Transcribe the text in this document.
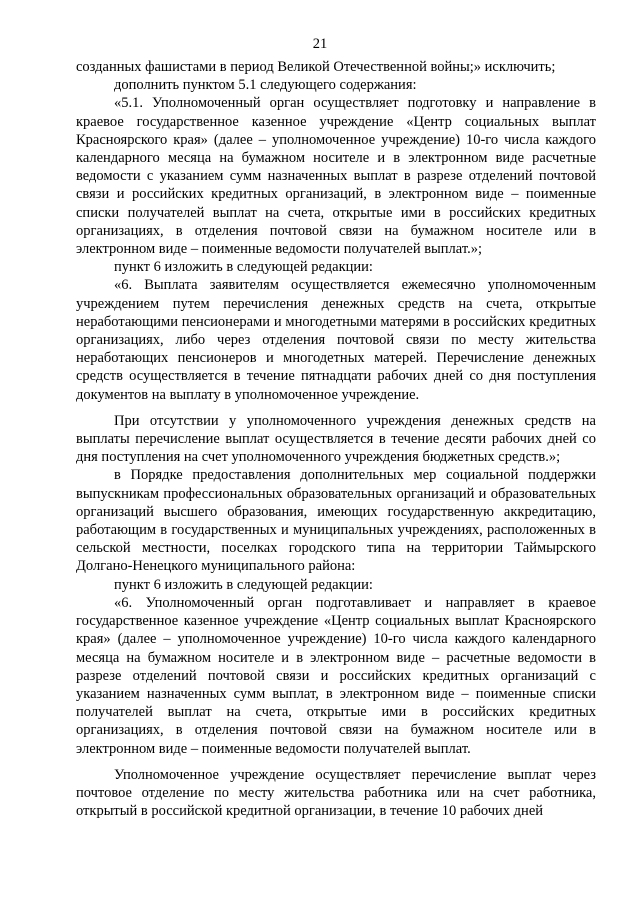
21

созданных фашистами в период Великой Отечественной войны;» исключить;

дополнить пунктом 5.1 следующего содержания:

«5.1. Уполномоченный орган осуществляет подготовку и направление в краевое государственное казенное учреждение «Центр социальных выплат Красноярского края» (далее – уполномоченное учреждение) 10-го числа каждого календарного месяца на бумажном носителе и в электронном виде расчетные ведомости с указанием сумм назначенных выплат в разрезе отделений почтовой связи и российских кредитных организаций, в электронном виде – поименные списки получателей выплат на счета, открытые ими в российских кредитных организациях, в отделения почтовой связи на бумажном носителе или в электронном виде – поименные ведомости получателей выплат.»;

пункт 6 изложить в следующей редакции:

«6. Выплата заявителям осуществляется ежемесячно уполномоченным учреждением путем перечисления денежных средств на счета, открытые неработающими пенсионерами и многодетными матерями в российских кредитных организациях, либо через отделения почтовой связи по месту жительства неработающих пенсионеров и многодетных матерей. Перечисление денежных средств осуществляется в течение пятнадцати рабочих дней со дня поступления документов на выплату в уполномоченное учреждение.

При отсутствии у уполномоченного учреждения денежных средств на выплаты перечисление выплат осуществляется в течение десяти рабочих дней со дня поступления на счет уполномоченного учреждения бюджетных средств.»;

в Порядке предоставления дополнительных мер социальной поддержки выпускникам профессиональных образовательных организаций и образовательных организаций высшего образования, имеющих государственную аккредитацию, работающим в государственных и муниципальных учреждениях, расположенных в сельской местности, поселках городского типа на территории Таймырского Долгано-Ненецкого муниципального района:

пункт 6 изложить в следующей редакции:

«6. Уполномоченный орган подготавливает и направляет в краевое государственное казенное учреждение «Центр социальных выплат Красноярского края» (далее – уполномоченное учреждение) 10-го числа каждого календарного месяца на бумажном носителе и в электронном виде – расчетные ведомости в разрезе отделений почтовой связи и российских кредитных организаций с указанием назначенных сумм выплат, в электронном виде – поименные списки получателей выплат на счета, открытые ими в российских кредитных организациях, в отделения почтовой связи на бумажном носителе или в электронном виде – поименные ведомости получателей выплат.

Уполномоченное учреждение осуществляет перечисление выплат через почтовое отделение по месту жительства работника или на счет работника, открытый в российской кредитной организации, в течение 10 рабочих дней
